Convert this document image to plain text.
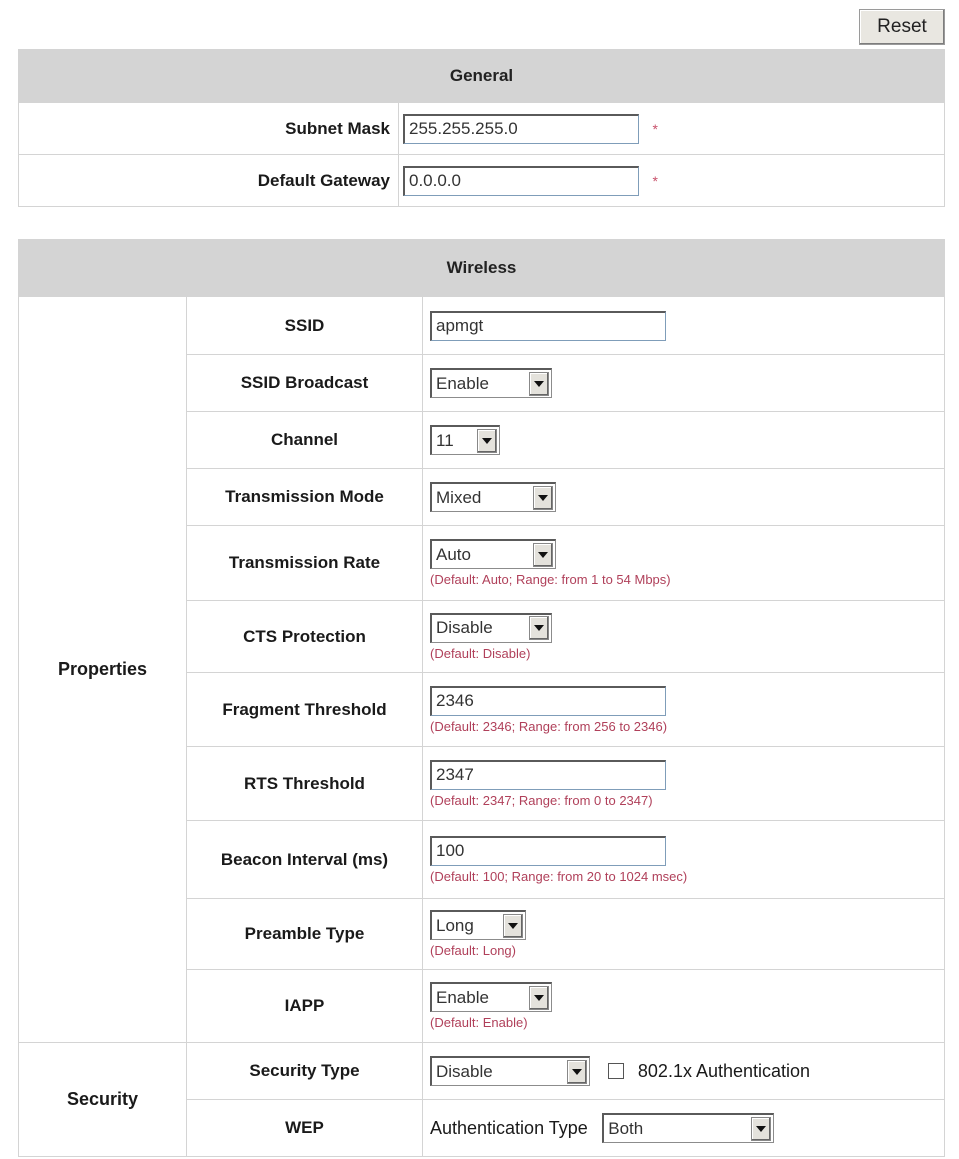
Reset
General	
Subnet Mask	255.255.255.0*
Default Gateway	0.0.0.0*
Wireless		
Properties	SSID	apmgt
	SSID Broadcast	Enable

	Channel	11

	Transmission Mode	Mixed

	Transmission Rate	Auto
(Default: Auto; Range: from 1 to 54 Mbps)

	CTS Protection	Disable
(Default: Disable)

	Fragment Threshold	2346
(Default: 2346; Range: from 256 to 2346)

	RTS Threshold	2347
(Default: 2347; Range: from 0 to 2347)

	Beacon Interval (ms)	100
(Default: 100; Range: from 20 to 1024 msec)

	Preamble Type	Long
(Default: Long)

	IAPP	Enable
(Default: Enable)

Security	Security Type	Disable 802.1x Authentication
	WEP	Authentication Type Both
